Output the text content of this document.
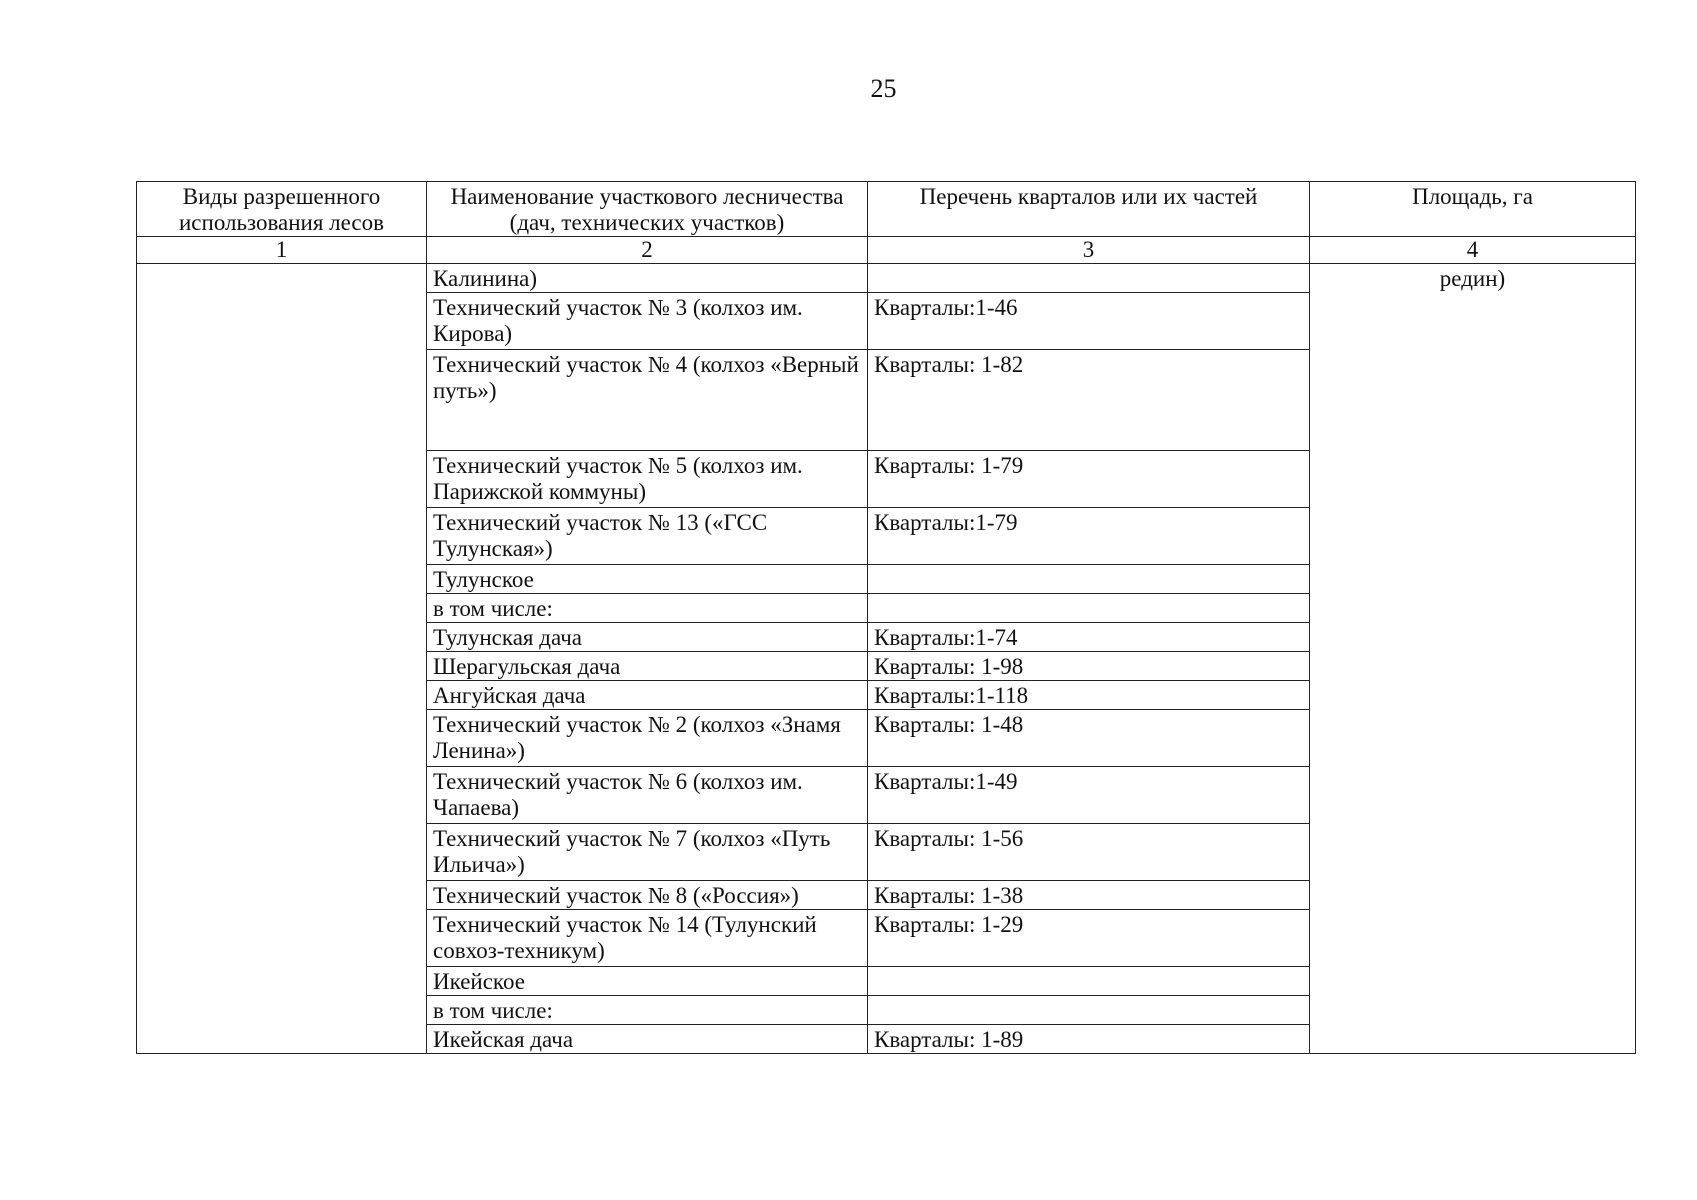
25
Виды разрешенного использования лесов	Наименование участкового лесничества (дач, технических участков)	Перечень кварталов или их частей	Площадь, га
1	2	3	4
	Калинина)		редин)
	Технический участок № 3 (колхоз им. Кирова)	Кварталы:1-46	
	Технический участок № 4 (колхоз «Верный путь»)	Кварталы: 1-82	
	Технический участок № 5 (колхоз им. Парижской коммуны)	Кварталы: 1-79	
	Технический участок № 13 («ГСС Тулунская»)	Кварталы:1-79	
	Тулунское		
	в том числе:		
	Тулунская дача	Кварталы:1-74	
	Шерагульская дача	Кварталы: 1-98	
	Ангуйская дача	Кварталы:1-118	
	Технический участок № 2 (колхоз «Знамя Ленина»)	Кварталы: 1-48	
	Технический участок № 6 (колхоз им. Чапаева)	Кварталы:1-49	
	Технический участок № 7 (колхоз «Путь Ильича»)	Кварталы: 1-56	
	Технический участок № 8 («Россия»)	Кварталы: 1-38	
	Технический участок № 14 (Тулунский совхоз-техникум)	Кварталы: 1-29	
	Икейское		
	в том числе:		
	Икейская дача	Кварталы: 1-89	
